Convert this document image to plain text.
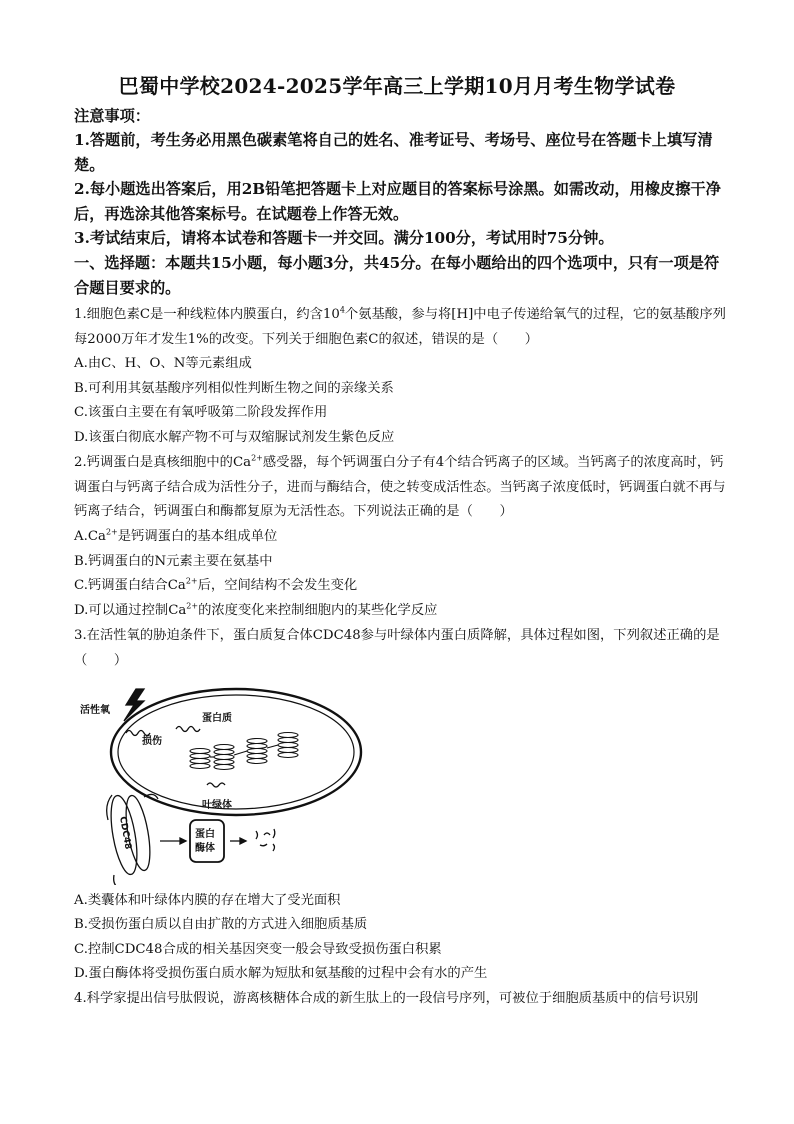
巴蜀中学校2024-2025学年高三上学期10月月考生物学试卷
注意事项：
1.答题前，考生务必用黑色碳素笔将自己的姓名、准考证号、考场号、座位号在答题卡上填写清楚。
2.每小题选出答案后，用2B铅笔把答题卡上对应题目的答案标号涂黑。如需改动，用橡皮擦干净后，再选涂其他答案标号。在试题卷上作答无效。
3.考试结束后，请将本试卷和答题卡一并交回。满分100分，考试用时75分钟。
一、选择题：本题共15小题，每小题3分，共45分。在每小题给出的四个选项中，只有一项是符合题目要求的。
1.细胞色素C是一种线粒体内膜蛋白，约含$10^4$个氨基酸，参与将[H]中电子传递给氧气的过程，它的氨基酸序列每2000万年才发生1%的改变。下列关于细胞色素C的叙述，错误的是（　　）
A.由C、H、O、N等元素组成
B.可利用其氨基酸序列相似性判断生物之间的亲缘关系
C.该蛋白主要在有氧呼吸第二阶段发挥作用
D.该蛋白彻底水解产物不可与双缩脲试剂发生紫色反应
2.钙调蛋白是真核细胞中的$Ca^{2+}$感受器，每个钙调蛋白分子有4个结合钙离子的区域。当钙离子的浓度高时，钙调蛋白与钙离子结合成为活性分子，进而与酶结合，使之转变成活性态。当钙离子浓度低时，钙调蛋白就不再与钙离子结合，钙调蛋白和酶都复原为无活性态。下列说法正确的是（　　）
$A.Ca^{2+}$是钙调蛋白的基本组成单位
B.钙调蛋白的N元素主要在氨基中
C.钙调蛋白结合$Ca^{2+}$后，空间结构不会发生变化
D.可以通过控制$Ca^{2+}$的浓度变化来控制细胞内的某些化学反应
3.在活性氧的胁迫条件下，蛋白质复合体CDC48参与叶绿体内蛋白质降解，具体过程如图，下列叙述正确的是（　　）
活性氧
蛋白质
损伤
叶绿体
蛋白
酶体
CDC48
A.类囊体和叶绿体内膜的存在增大了受光面积
B.受损伤蛋白质以自由扩散的方式进入细胞质基质
C.控制CDC48合成的相关基因突变一般会导致受损伤蛋白积累
D.蛋白酶体将受损伤蛋白质水解为短肽和氨基酸的过程中会有水的产生
4.科学家提出信号肽假说，游离核糖体合成的新生肽上的一段信号序列，可被位于细胞质基质中的信号识别
